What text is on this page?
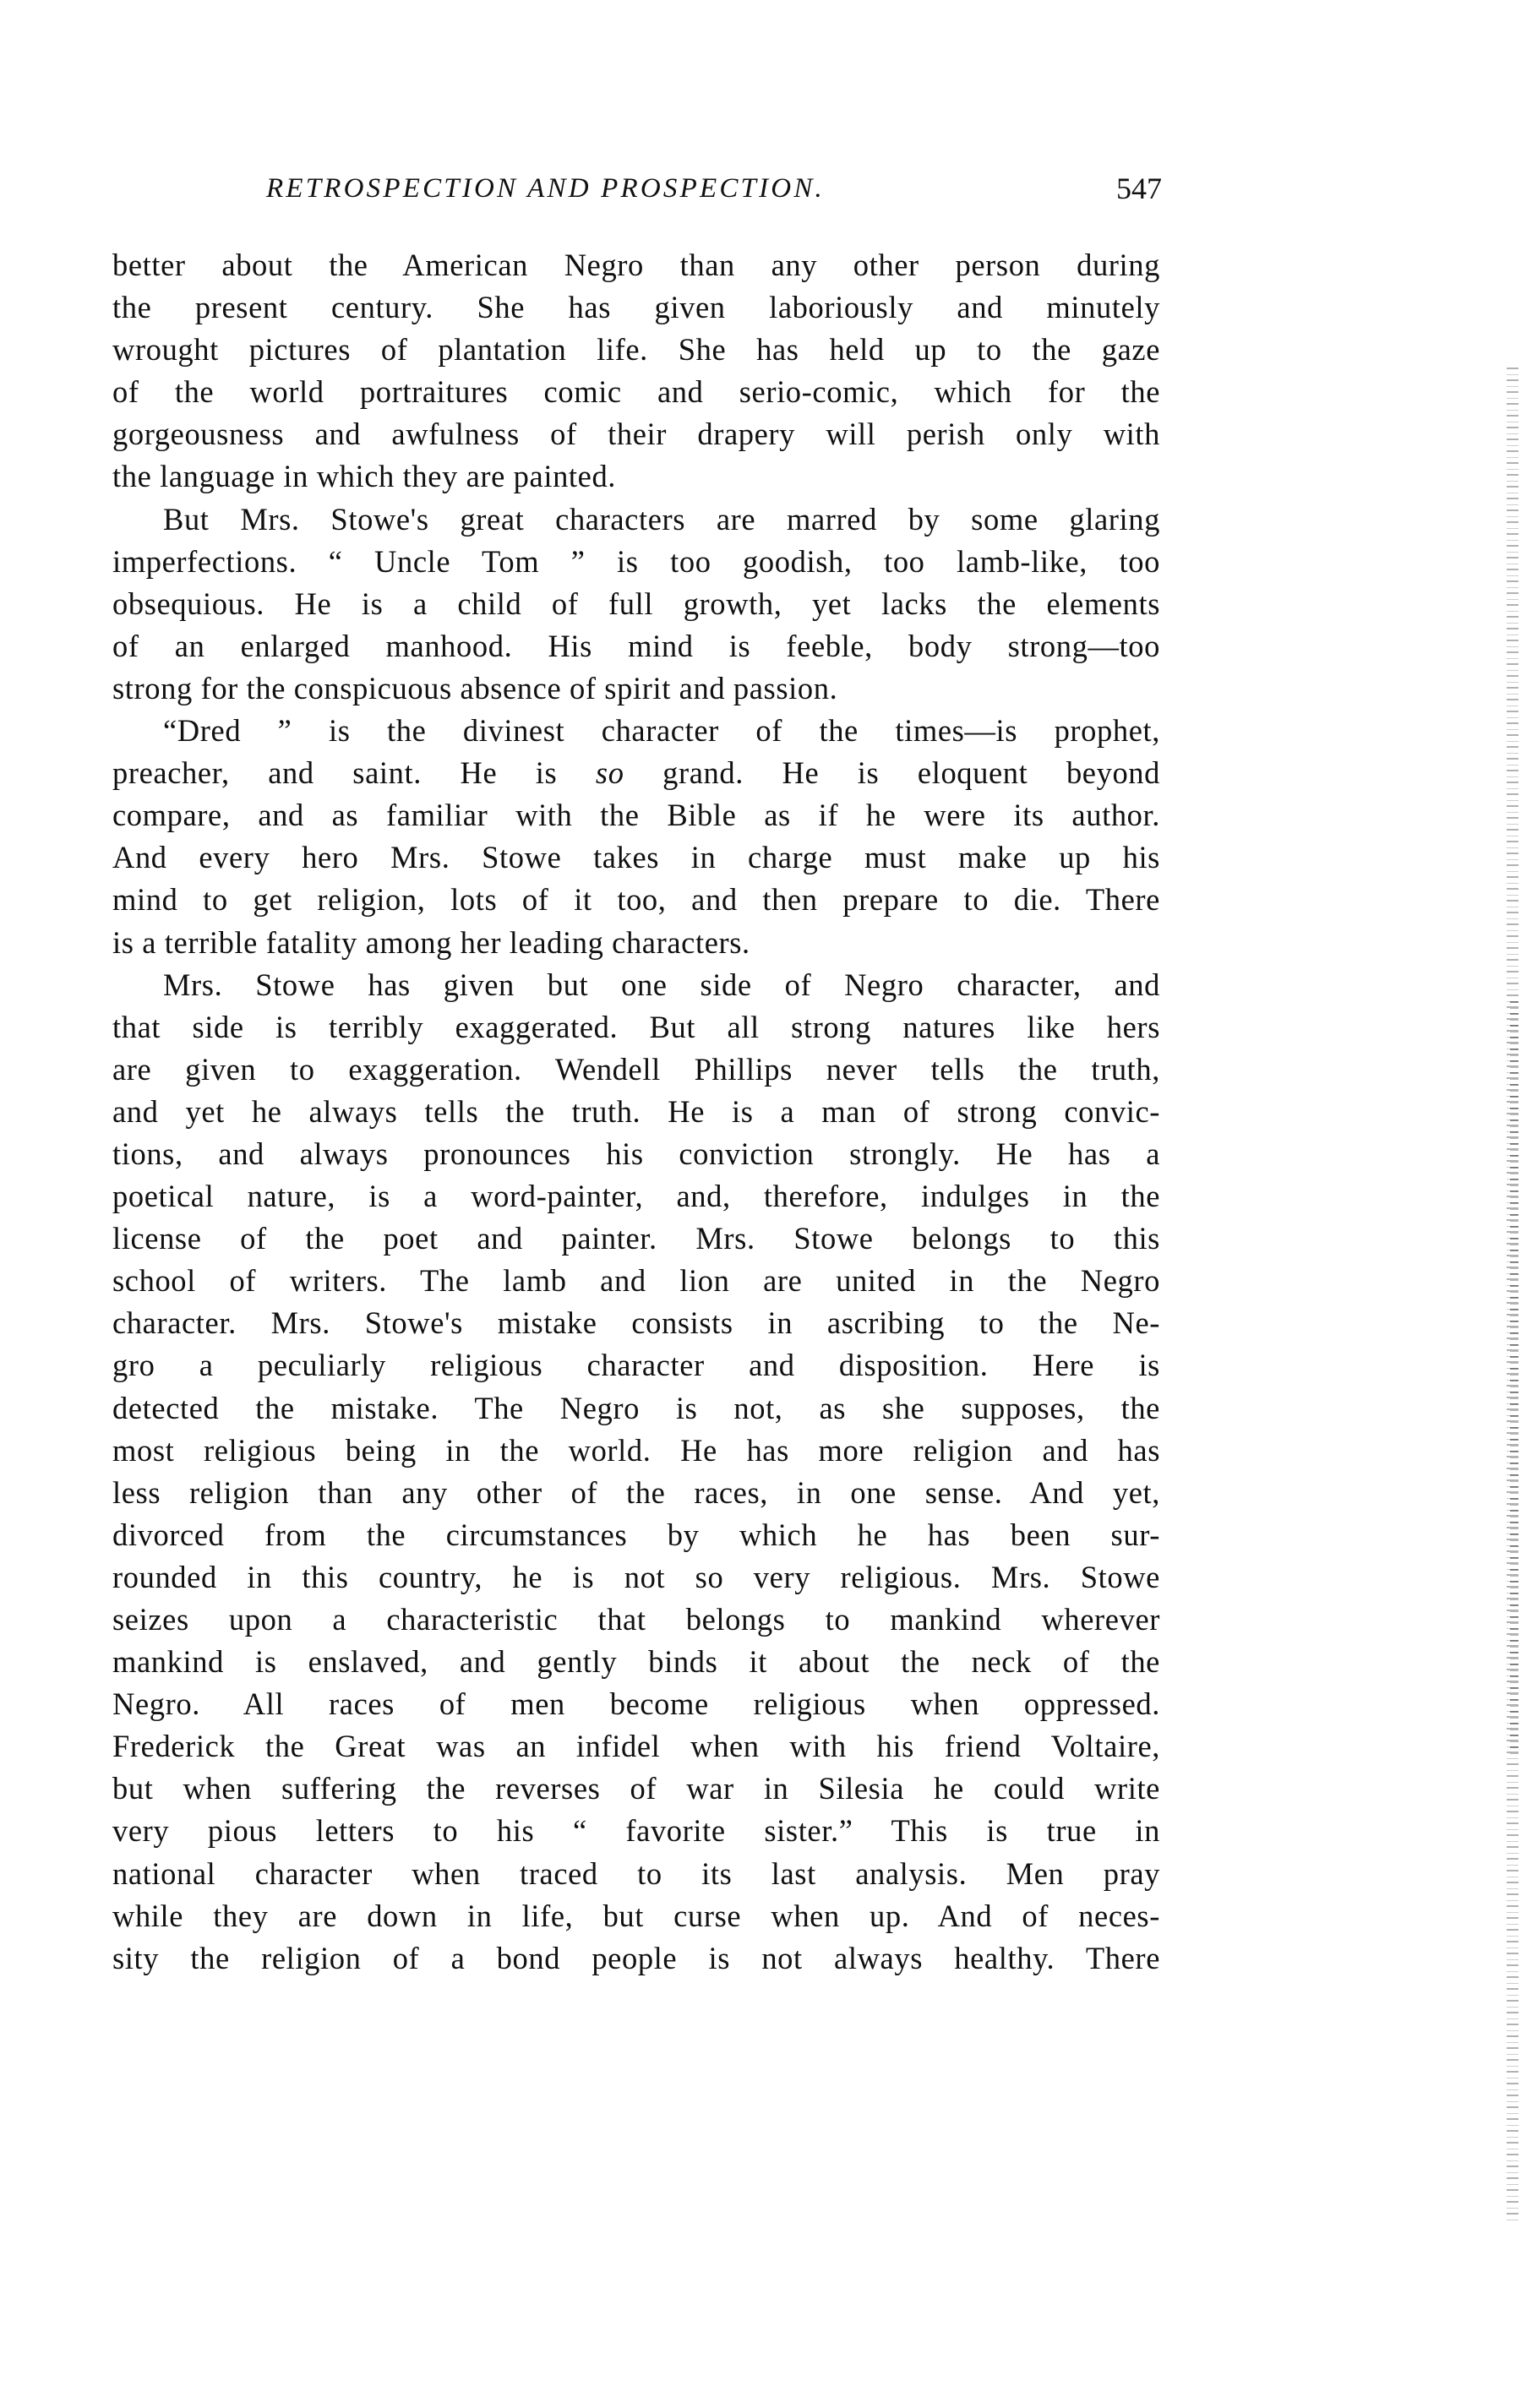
RETROSPECTION AND PROSPECTION.	547
better about the American Negro than any other person during
the present century. She has given laboriously and minutely
wrought pictures of plantation life. She has held up to the gaze
of the world portraitures comic and serio-comic, which for the
gorgeousness and awfulness of their drapery will perish only with
the language in which they are painted.
But Mrs. Stowe's great characters are marred by some glaring
imperfections. “ Uncle Tom ” is too goodish, too lamb-like, too
obsequious. He is a child of full growth, yet lacks the elements
of an enlarged manhood. His mind is feeble, body strong—too
strong for the conspicuous absence of spirit and passion.
“Dred ” is the divinest character of the times—is prophet,
preacher, and saint. He is so grand. He is eloquent beyond
compare, and as familiar with the Bible as if he were its author.
And every hero Mrs. Stowe takes in charge must make up his
mind to get religion, lots of it too, and then prepare to die. There
is a terrible fatality among her leading characters.
Mrs. Stowe has given but one side of Negro character, and
that side is terribly exaggerated. But all strong natures like hers
are given to exaggeration. Wendell Phillips never tells the truth,
and yet he always tells the truth. He is a man of strong convic-
tions, and always pronounces his conviction strongly. He has a
poetical nature, is a word-painter, and, therefore, indulges in the
license of the poet and painter. Mrs. Stowe belongs to this
school of writers. The lamb and lion are united in the Negro
character. Mrs. Stowe's mistake consists in ascribing to the Ne-
gro a peculiarly religious character and disposition. Here is
detected the mistake. The Negro is not, as she supposes, the
most religious being in the world. He has more religion and has
less religion than any other of the races, in one sense. And yet,
divorced from the circumstances by which he has been sur-
rounded in this country, he is not so very religious. Mrs. Stowe
seizes upon a characteristic that belongs to mankind wherever
mankind is enslaved, and gently binds it about the neck of the
Negro. All races of men become religious when oppressed.
Frederick the Great was an infidel when with his friend Voltaire,
but when suffering the reverses of war in Silesia he could write
very pious letters to his “ favorite sister.” This is true in
national character when traced to its last analysis. Men pray
while they are down in life, but curse when up. And of neces-
sity the religion of a bond people is not always healthy. There
